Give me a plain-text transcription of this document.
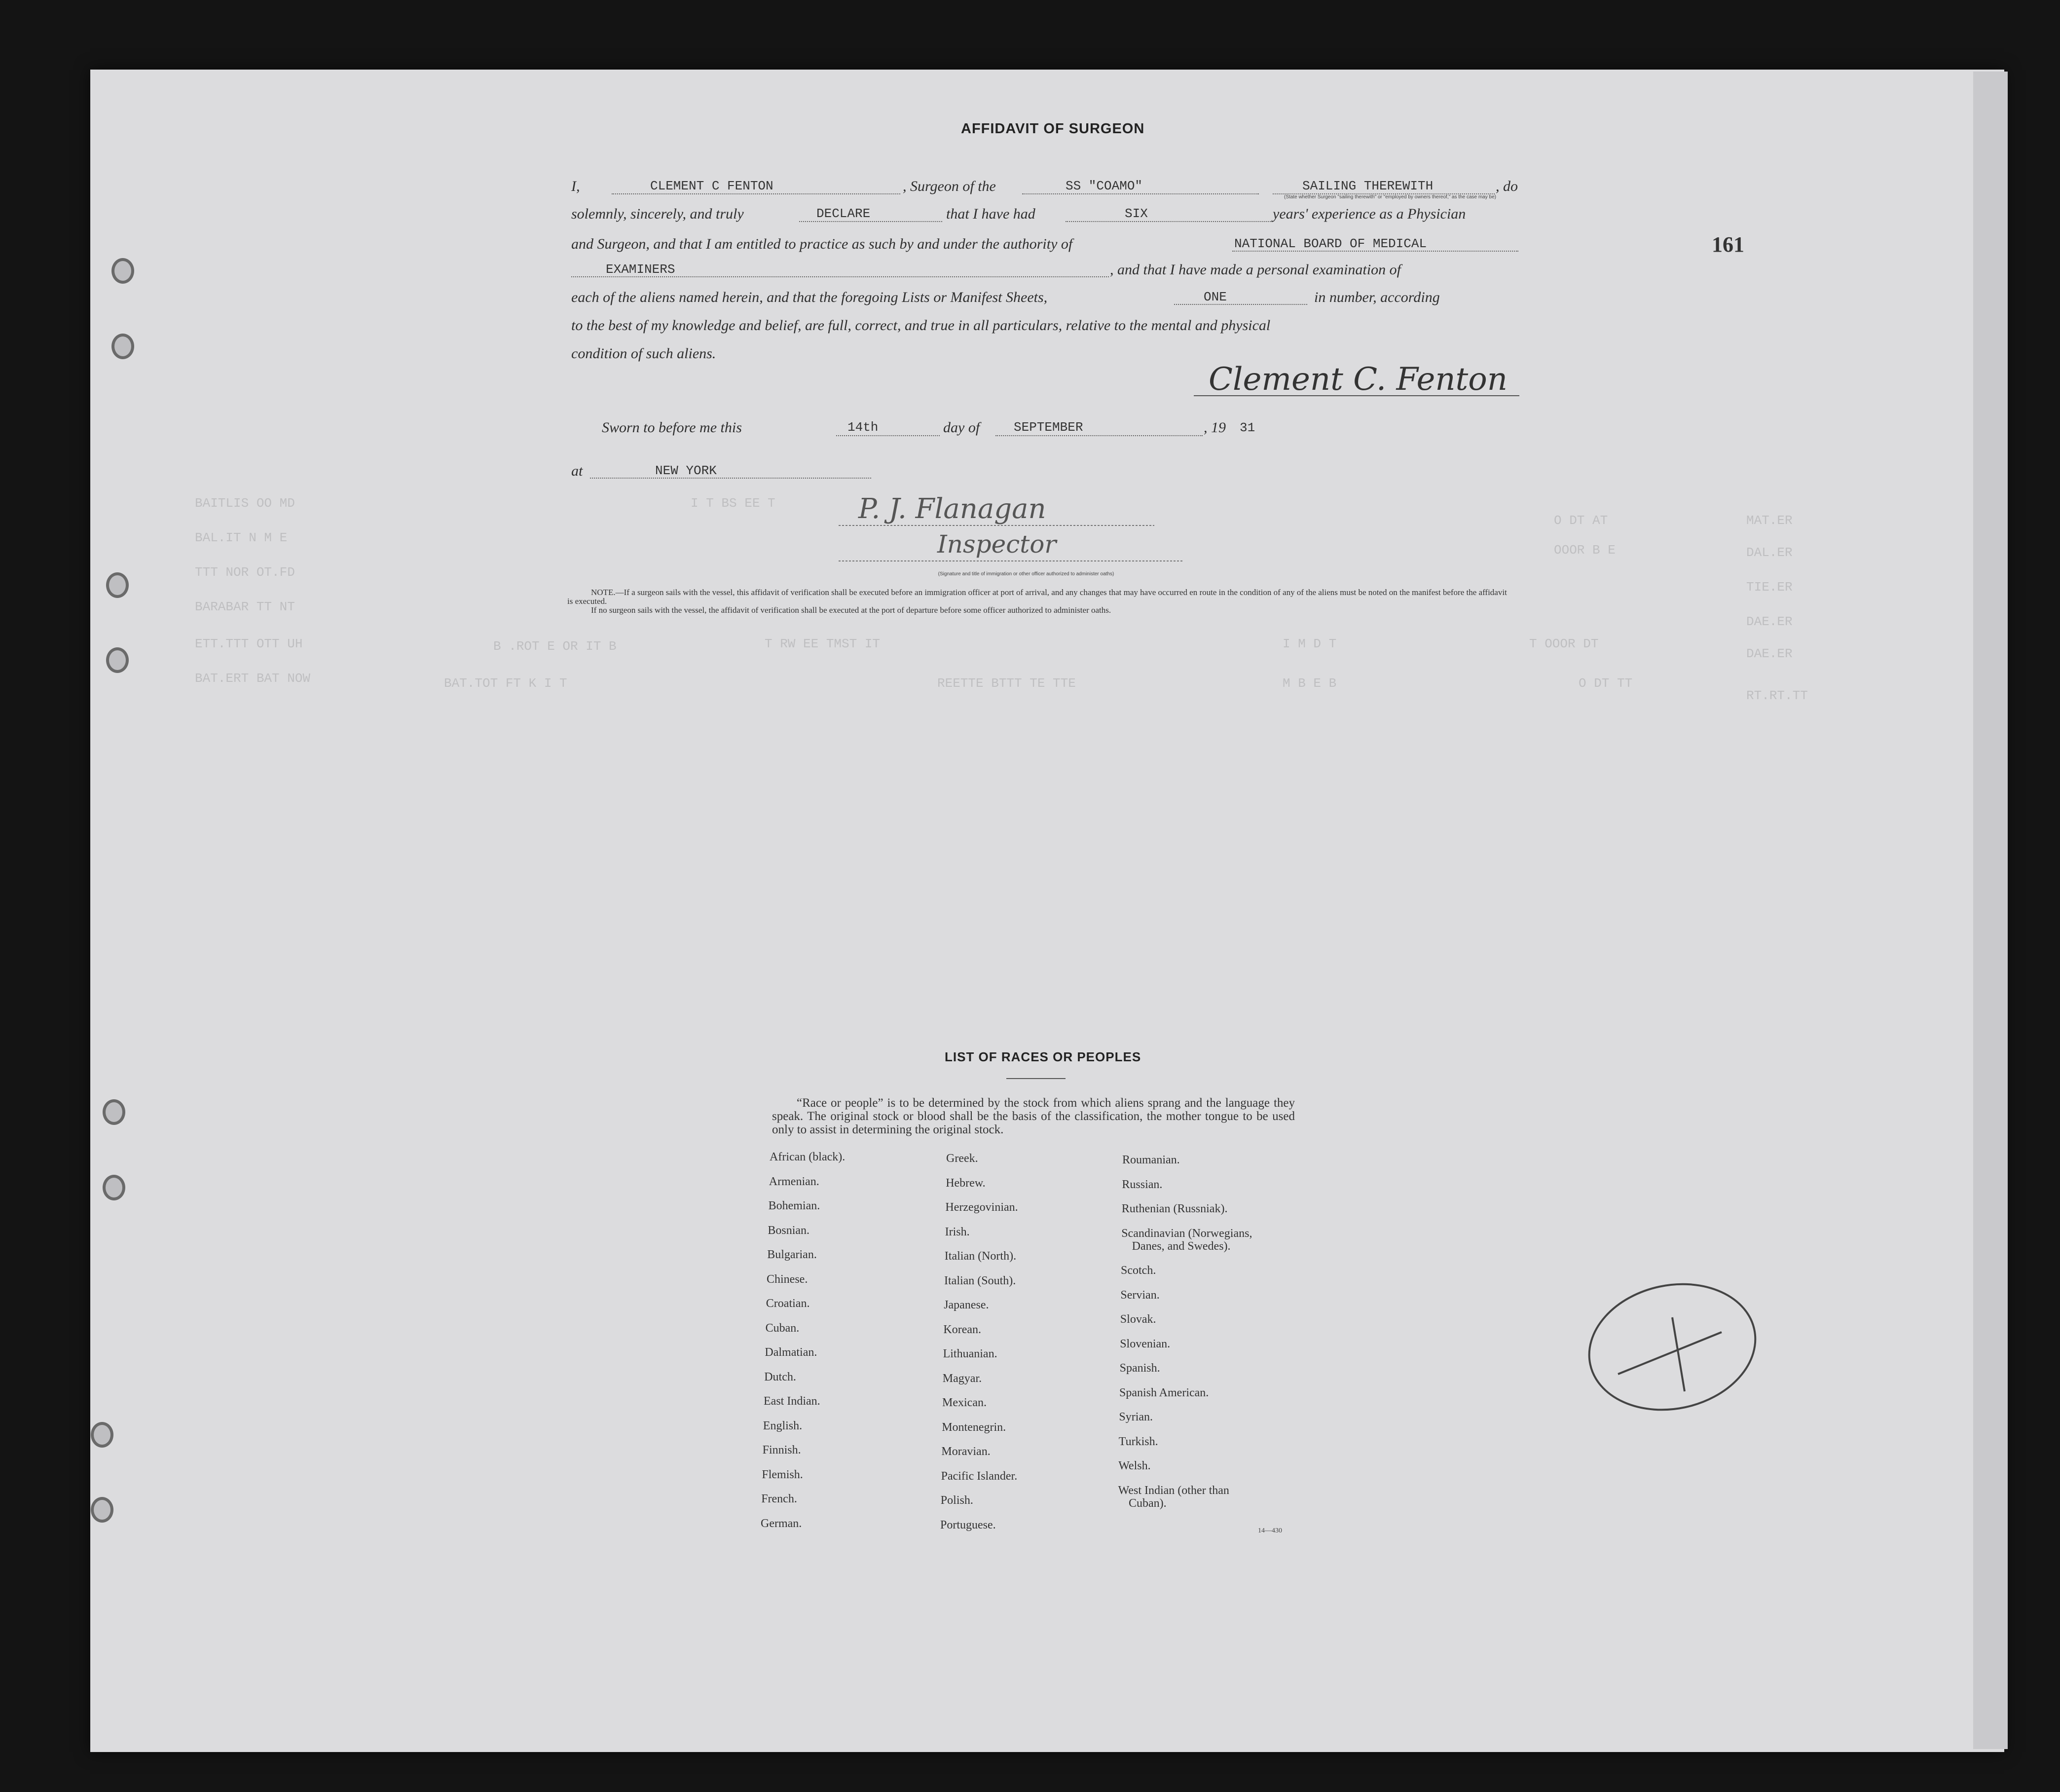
161
BAITLIS OO MD
BAL.IT N M E
TTT NOR OT.FD
BARABAR TT NT
ETT.TTT OTT UH
BAT.ERT BAT NOW
I T BS EE T
B .ROT E OR IT B	T RW EE TMST IT
BAT.TOT FT K I T	REETTE BTTT TE TTE
I M D T
M B E B
O DT AT
OOOR B E
T OOOR DT
O DT TT
MAT.ER
DAL.ER
TIE.ER
DAE.ER
DAE.ER
RT.RT.TT
AFFIDAVIT OF SURGEON
I,	CLEMENT C FENTON	, Surgeon of the	SS "COAMO"	SAILING THEREWITH	, do
(State whether Surgeon "sailing therewith" or "employed by owners thereof," as the case may be)
solemnly, sincerely, and truly	DECLARE	that I have had	SIX	years' experience as a Physician
and Surgeon, and that I am entitled to practice as such by and under the authority of	NATIONAL BOARD OF MEDICAL
EXAMINERS	, and that I have made a personal examination of
each of the aliens named herein, and that the foregoing Lists or Manifest Sheets,	ONE	in number, according
to the best of my knowledge and belief, are full, correct, and true in all particulars, relative to the mental and physical
condition of such aliens.
Clement C. Fenton
Sworn to before me this	14th	day of	SEPTEMBER	, 19 31
at	NEW YORK
P. J. Flanagan
Inspector
(Signature and title of immigration or other officer authorized to administer oaths)
NOTE.—If a surgeon sails with the vessel, this affidavit of verification shall be executed before an immigration officer at port of arrival, and any changes that may have occurred en route in the condition of any of the aliens must be noted on the manifest before the affidavit is executed.
If no surgeon sails with the vessel, the affidavit of verification shall be executed at the port of departure before some officer authorized to administer oaths.
LIST OF RACES OR PEOPLES
“Race or people” is to be determined by the stock from which aliens sprang and the language they speak. The original stock or blood shall be the basis of the classification, the mother tongue to be used only to assist in determining the original stock.
African (black).
Armenian.
Bohemian.
Bosnian.
Bulgarian.
Chinese.
Croatian.
Cuban.
Dalmatian.
Dutch.
East Indian.
English.
Finnish.
Flemish.
French.
German.
Greek.
Hebrew.
Herzegovinian.
Irish.
Italian (North).
Italian (South).
Japanese.
Korean.
Lithuanian.
Magyar.
Mexican.
Montenegrin.
Moravian.
Pacific Islander.
Polish.
Portuguese.
Roumanian.
Russian.
Ruthenian (Russniak).
Scandinavian (Norwegians,
Danes, and Swedes).
Scotch.
Servian.
Slovak.
Slovenian.
Spanish.
Spanish American.
Syrian.
Turkish.
Welsh.
West Indian (other than
Cuban).
14—430
